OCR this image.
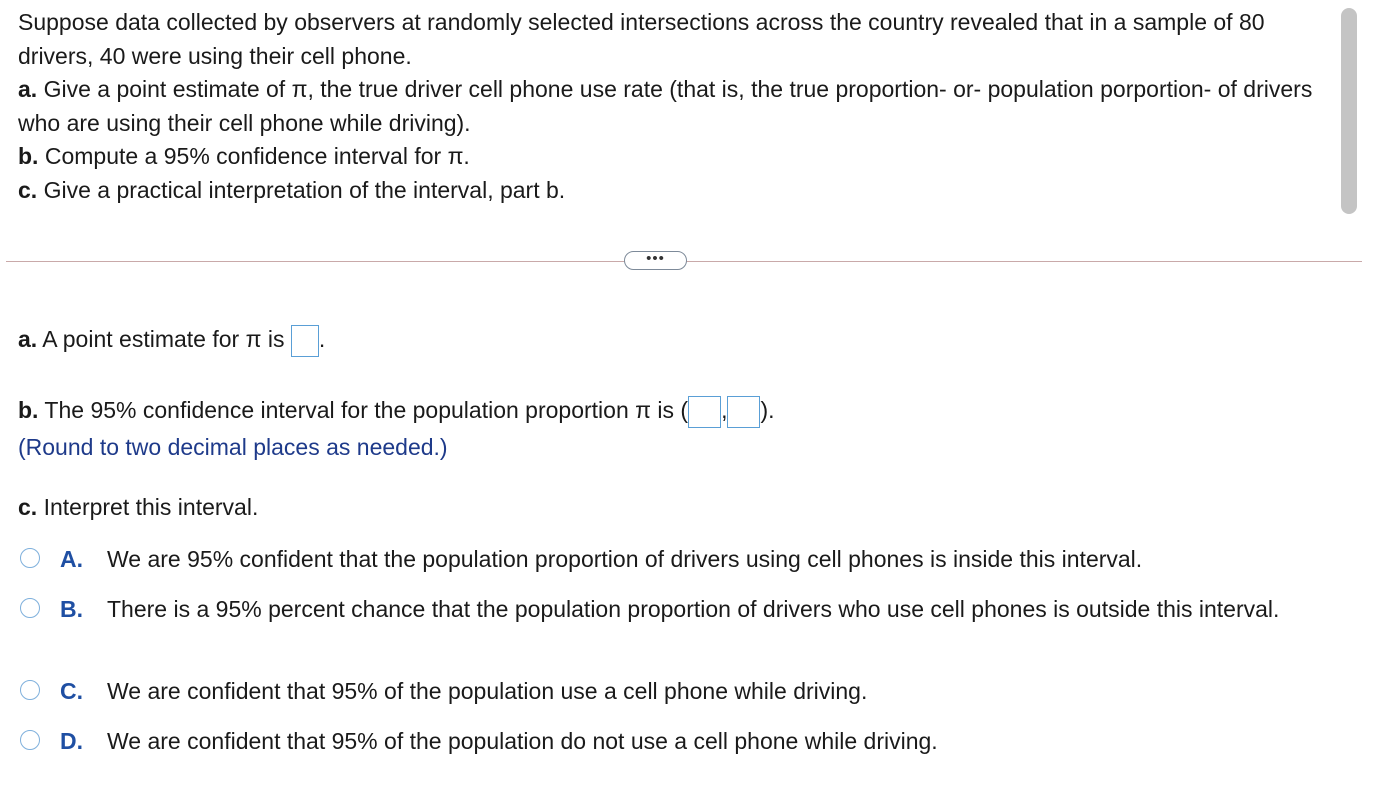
Suppose data collected by observers at randomly selected intersections across the country revealed that in a sample of 80 drivers, 40 were using their cell phone.

a. Give a point estimate of π, the true driver cell phone use rate (that is, the true proportion- or- population porportion- of drivers who are using their cell phone while driving).

b. Compute a 95% confidence interval for π.

c. Give a practical interpretation of the interval, part b.

•••
a. A point estimate for π is .
b. The 95% confidence interval for the population proportion π is ( , ).
(Round to two decimal places as needed.)
c. Interpret this interval.
A. We are 95% confident that the population proportion of drivers using cell phones is inside this interval.
B. There is a 95% percent chance that the population proportion of drivers who use cell phones is outside this interval.
C. We are confident that 95% of the population use a cell phone while driving.
D. We are confident that 95% of the population do not use a cell phone while driving.
